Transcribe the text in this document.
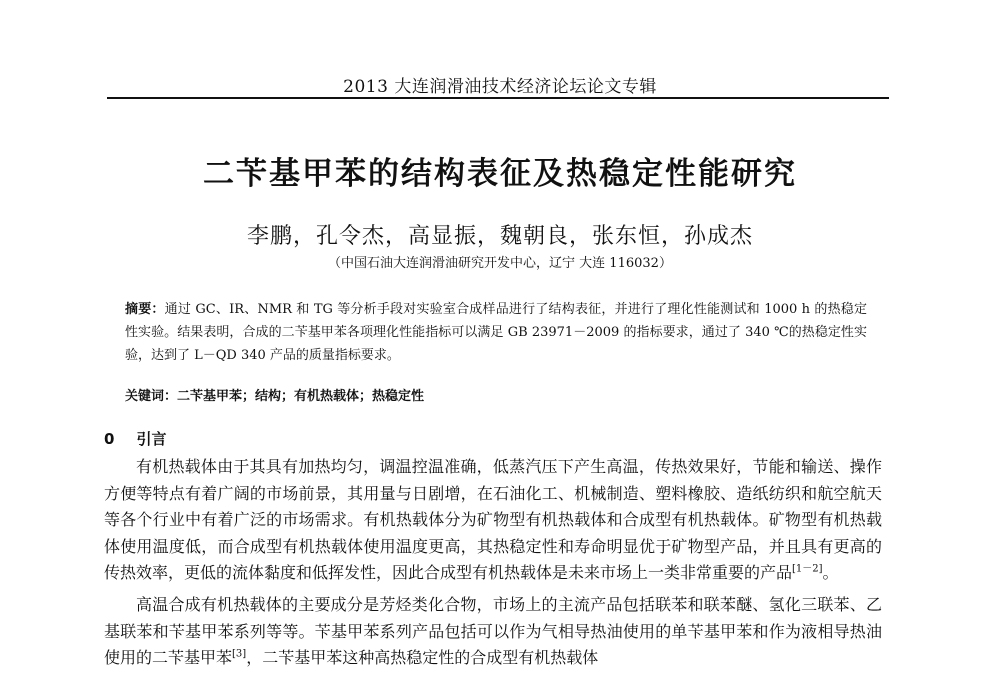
2013 大连润滑油技术经济论坛论文专辑
二苄基甲苯的结构表征及热稳定性能研究
李鹏，孔令杰，高显振，魏朝良，张东恒，孙成杰
（中国石油大连润滑油研究开发中心，辽宁 大连 116032）
摘要：通过 GC、IR、NMR 和 TG 等分析手段对实验室合成样品进行了结构表征，并进行了理化性能测试和 1000 h 的热稳定性实验。结果表明，合成的二苄基甲苯各项理化性能指标可以满足 GB 23971－2009 的指标要求，通过了 340 ℃的热稳定性实验，达到了 L－QD 340 产品的质量指标要求。
关键词：二苄基甲苯；结构；有机热载体；热稳定性
0 引言

有机热载体由于其具有加热均匀，调温控温准确，低蒸汽压下产生高温，传热效果好，节能和输送、操作方便等特点有着广阔的市场前景，其用量与日剧增，在石油化工、机械制造、塑料橡胶、造纸纺织和航空航天等各个行业中有着广泛的市场需求。有机热载体分为矿物型有机热载体和合成型有机热载体。矿物型有机热载体使用温度低，而合成型有机热载体使用温度更高，其热稳定性和寿命明显优于矿物型产品，并且具有更高的传热效率，更低的流体黏度和低挥发性，因此合成型有机热载体是未来市场上一类非常重要的产品[1－2]。

高温合成有机热载体的主要成分是芳烃类化合物，市场上的主流产品包括联苯和联苯醚、氢化三联苯、乙基联苯和苄基甲苯系列等等。苄基甲苯系列产品包括可以作为气相导热油使用的单苄基甲苯和作为液相导热油使用的二苄基甲苯[3]，二苄基甲苯这种高热稳定性的合成型有机热载体
